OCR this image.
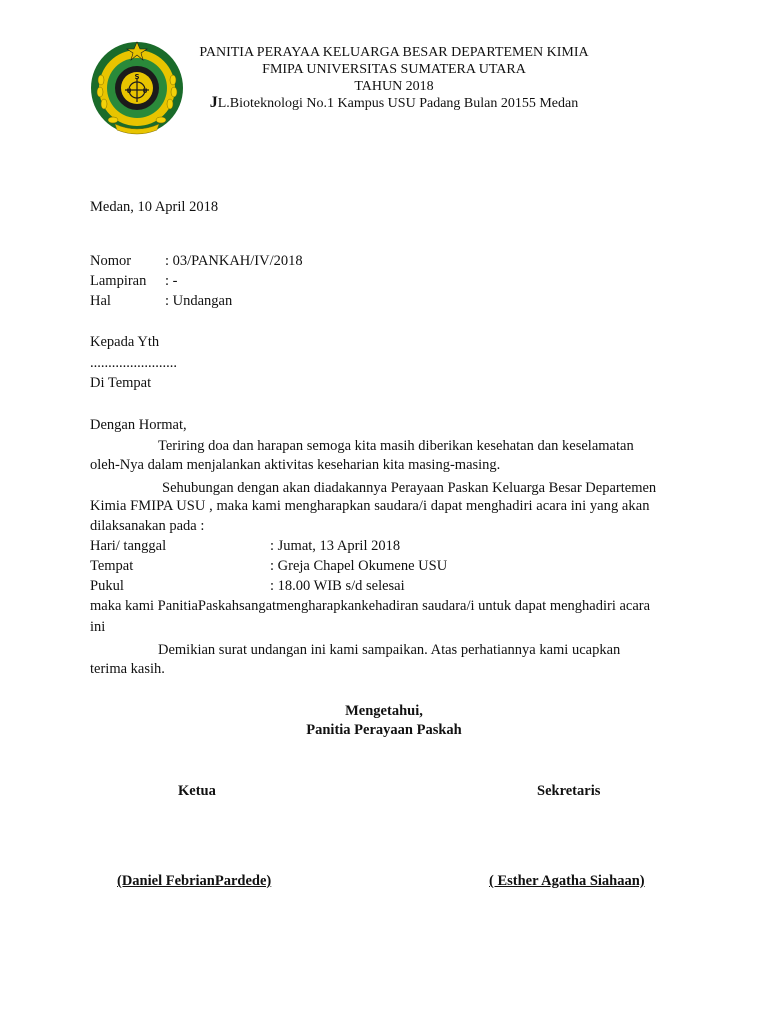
S
U U
PANITIA PERAYAA KELUARGA BESAR DEPARTEMEN KIMIA
FMIPA UNIVERSITAS SUMATERA UTARA
TAHUN 2018
JL.Bioteknologi No.1 Kampus USU Padang Bulan 20155 Medan
Medan, 10 April 2018
Nomor : 03/PANKAH/IV/2018
Lampiran : -
Hal	: Undangan
Kepada Yth
........................
Di Tempat
Dengan Hormat,
Teriring doa dan harapan semoga kita masih diberikan kesehatan dan keselamatan
oleh-Nya dalam menjalankan aktivitas keseharian kita masing-masing.
Sehubungan dengan akan diadakannya Perayaan Paskan Keluarga Besar Departemen
Kimia FMIPA USU , maka kami mengharapkan saudara/i dapat menghadiri acara ini yang akan
dilaksanakan pada :
Hari/ tanggal	: Jumat, 13 April 2018
Tempat	: Greja Chapel Okumene USU
Pukul	: 18.00 WIB s/d selesai
maka kami PanitiaPaskahsangatmengharapkankehadiran saudara/i untuk dapat menghadiri acara
ini
Demikian surat undangan ini kami sampaikan. Atas perhatiannya kami ucapkan
terima kasih.
Mengetahui,
Panitia Perayaan Paskah
Ketua	Sekretaris
(Daniel FebrianPardede)	( Esther Agatha Siahaan)
